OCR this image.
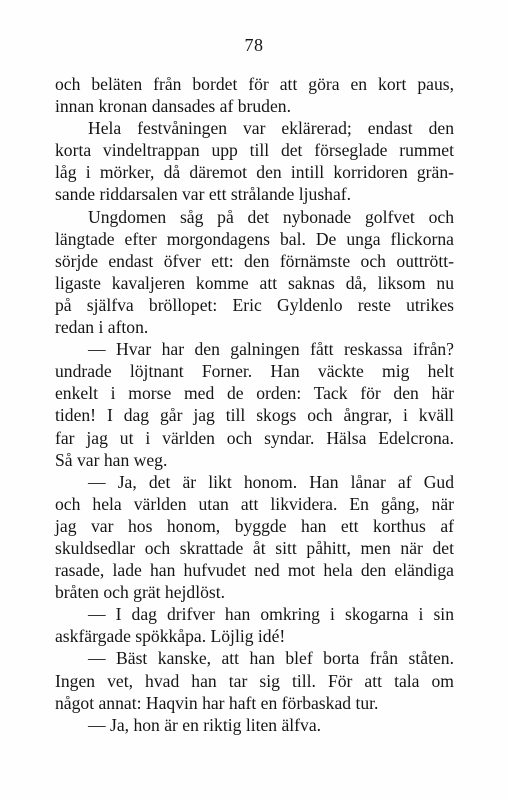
78
och beläten från bordet för att göra en kort paus,
innan kronan dansades af bruden.
Hela festvåningen var eklärerad; endast den
korta vindeltrappan upp till det förseglade rummet
låg i mörker, då däremot den intill korridoren grän-
sande riddarsalen var ett strålande ljushaf.
Ungdomen såg på det nybonade golfvet och
längtade efter morgondagens bal. De unga flickorna
sörjde endast öfver ett: den förnämste och outtrött-
ligaste kavaljeren komme att saknas då, liksom nu
på själfva bröllopet: Eric Gyldenlo reste utrikes
redan i afton.
— Hvar har den galningen fått reskassa ifrån?
undrade löjtnant Forner. Han väckte mig helt
enkelt i morse med de orden: Tack för den här
tiden! I dag går jag till skogs och ångrar, i kväll
far jag ut i världen och syndar. Hälsa Edelcrona.
Så var han weg.
— Ja, det är likt honom. Han lånar af Gud
och hela världen utan att likvidera. En gång, när
jag var hos honom, byggde han ett korthus af
skuldsedlar och skrattade åt sitt påhitt, men när det
rasade, lade han hufvudet ned mot hela den eländiga
bråten och grät hejdlöst.
— I dag drifver han omkring i skogarna i sin
askfärgade spökkåpa. Löjlig idé!
— Bäst kanske, att han blef borta från ståten.
Ingen vet, hvad han tar sig till. För att tala om
något annat: Haqvin har haft en förbaskad tur.
— Ja, hon är en riktig liten älfva.
